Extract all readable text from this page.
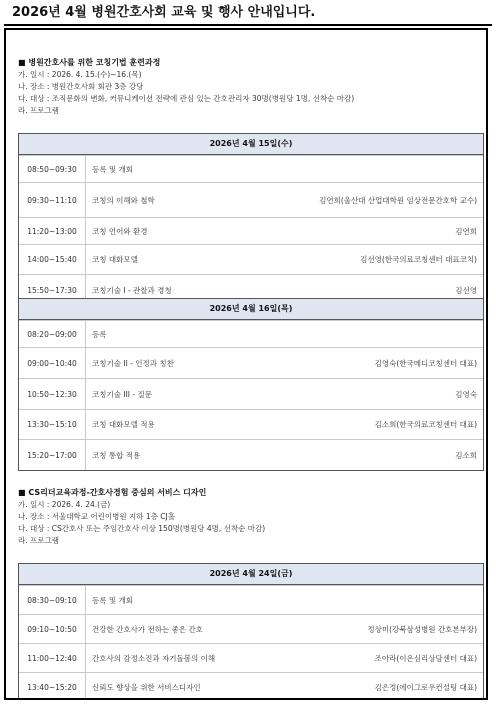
2026년 4월 병원간호사회 교육 및 행사 안내입니다.
■ 병원간호사를 위한 코칭기법 훈련과정
가. 일시 : 2026. 4. 15.(수)~16.(목)
나. 장소 : 병원간호사회 회관 3층 강당
다. 대상 : 조직문화의 변화, 커뮤니케이션 전략에 관심 있는 간호관리자 30명(병원당 1명, 선착순 마감)
라. 프로그램
2026년 4월 15일(수)
08:50~09:30	등록 및 개회
09:30~11:10	코칭의 이해와 철학	김연희(울산대 산업대학원 임상전문간호학 교수)
11:20~13:00	코칭 언어와 환경	김연희
14:00~15:40	코칭 대화모델	김선영(한국의료코칭센터 대표코치)
15:50~17:30	코칭기술 I - 관찰과 경청	김선영
2026년 4월 16일(목)
08:20~09:00	등록
09:00~10:40	코칭기술 II - 인정과 칭찬	김영숙(한국메디코칭센터 대표)
10:50~12:30	코칭기술 III - 질문	김영숙
13:30~15:10	코칭 대화모델 적용	김소희(한국의료코칭센터 대표)
15:20~17:00	코칭 통합 적용	김소희
■ CS리더교육과정-간호사경험 중심의 서비스 디자인
가. 일시 : 2026. 4. 24.(금)
나. 장소 : 서울대학교 어린이병원 지하 1층 CJ홀
다. 대상 : CS간호사 또는 주임간호사 이상 150명(병원당 4명, 선착순 마감)
라. 프로그램
2026년 4월 24일(금)
08:30~09:10	등록 및 개회
09:10~10:50	건강한 간호사가 전하는 좋은 간호	정상미(강북삼성병원 간호본부장)
11:00~12:40	간호사의 감정소진과 자기돌봄의 이해	조아라(이온심리상담센터 대표)
13:40~15:20	신뢰도 향상을 위한 서비스디자인	김은정(에이그로우컨설팅 대표)
